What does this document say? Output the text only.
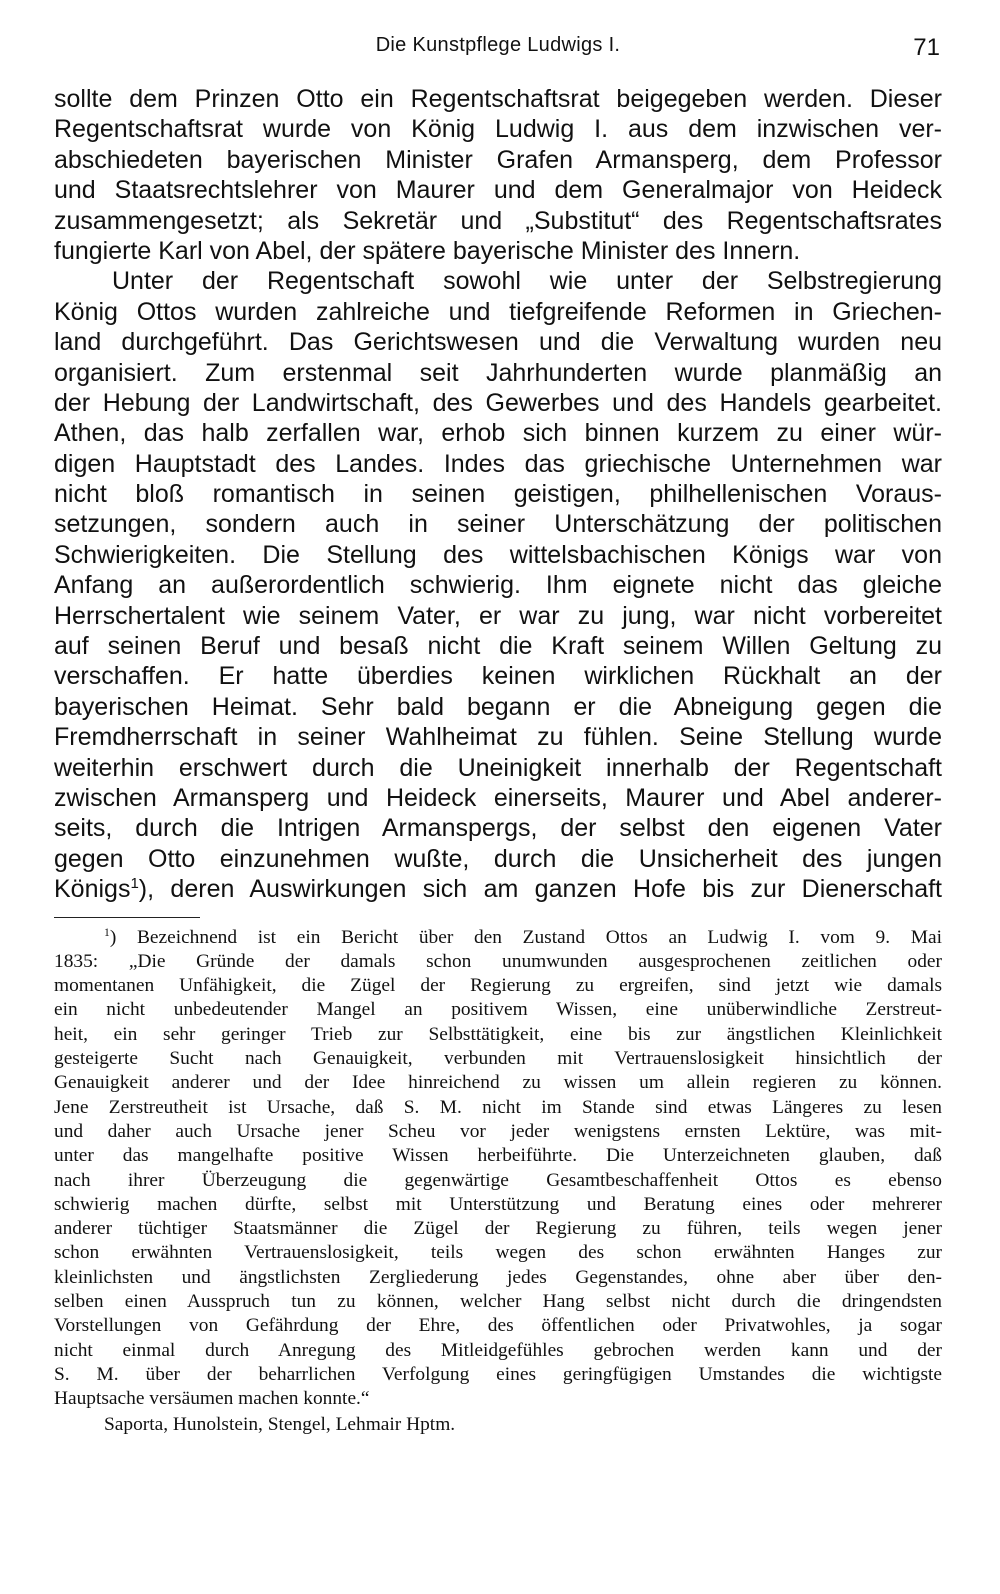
Die Kunstpflege Ludwigs I.	71
sollte dem Prinzen Otto ein Regentschaftsrat beigegeben werden. Dieser
Regentschaftsrat wurde von König Ludwig I. aus dem inzwischen ver-
abschiedeten bayerischen Minister Grafen Armansperg, dem Professor
und Staatsrechtslehrer von Maurer und dem Generalmajor von Heideck
zusammengesetzt; als Sekretär und „Substitut“ des Regentschaftsrates
fungierte Karl von Abel, der spätere bayerische Minister des Innern.
Unter der Regentschaft sowohl wie unter der Selbstregierung
König Ottos wurden zahlreiche und tiefgreifende Reformen in Griechen-
land durchgeführt. Das Gerichtswesen und die Verwaltung wurden neu
organisiert. Zum erstenmal seit Jahrhunderten wurde planmäßig an
der Hebung der Landwirtschaft, des Gewerbes und des Handels gearbeitet.
Athen, das halb zerfallen war, erhob sich binnen kurzem zu einer wür-
digen Hauptstadt des Landes. Indes das griechische Unternehmen war
nicht bloß romantisch in seinen geistigen, philhellenischen Voraus-
setzungen, sondern auch in seiner Unterschätzung der politischen
Schwierigkeiten. Die Stellung des wittelsbachischen Königs war von
Anfang an außerordentlich schwierig. Ihm eignete nicht das gleiche
Herrschertalent wie seinem Vater, er war zu jung, war nicht vorbereitet
auf seinen Beruf und besaß nicht die Kraft seinem Willen Geltung zu
verschaffen. Er hatte überdies keinen wirklichen Rückhalt an der
bayerischen Heimat. Sehr bald begann er die Abneigung gegen die
Fremdherrschaft in seiner Wahlheimat zu fühlen. Seine Stellung wurde
weiterhin erschwert durch die Uneinigkeit innerhalb der Regentschaft
zwischen Armansperg und Heideck einerseits, Maurer und Abel anderer-
seits, durch die Intrigen Armanspergs, der selbst den eigenen Vater
gegen Otto einzunehmen wußte, durch die Unsicherheit des jungen
Königs$^1$), deren Auswirkungen sich am ganzen Hofe bis zur Dienerschaft
$^1$) Bezeichnend ist ein Bericht über den Zustand Ottos an Ludwig I. vom 9. Mai
1835: „Die Gründe der damals schon unumwunden ausgesprochenen zeitlichen oder
momentanen Unfähigkeit, die Zügel der Regierung zu ergreifen, sind jetzt wie damals
ein nicht unbedeutender Mangel an positivem Wissen, eine unüberwindliche Zerstreut-
heit, ein sehr geringer Trieb zur Selbsttätigkeit, eine bis zur ängstlichen Kleinlichkeit
gesteigerte Sucht nach Genauigkeit, verbunden mit Vertrauenslosigkeit hinsichtlich der
Genauigkeit anderer und der Idee hinreichend zu wissen um allein regieren zu können.
Jene Zerstreutheit ist Ursache, daß S. M. nicht im Stande sind etwas Längeres zu lesen
und daher auch Ursache jener Scheu vor jeder wenigstens ernsten Lektüre, was mit-
unter das mangelhafte positive Wissen herbeiführte. Die Unterzeichneten glauben, daß
nach ihrer Überzeugung die gegenwärtige Gesamtbeschaffenheit Ottos es ebenso
schwierig machen dürfte, selbst mit Unterstützung und Beratung eines oder mehrerer
anderer tüchtiger Staatsmänner die Zügel der Regierung zu führen, teils wegen jener
schon erwähnten Vertrauenslosigkeit, teils wegen des schon erwähnten Hanges zur
kleinlichsten und ängstlichsten Zergliederung jedes Gegenstandes, ohne aber über den-
selben einen Ausspruch tun zu können, welcher Hang selbst nicht durch die dringendsten
Vorstellungen von Gefährdung der Ehre, des öffentlichen oder Privatwohles, ja sogar
nicht einmal durch Anregung des Mitleidgefühles gebrochen werden kann und der
S. M. über der beharrlichen Verfolgung eines geringfügigen Umstandes die wichtigste
Hauptsache versäumen machen konnte.“
Saporta, Hunolstein, Stengel, Lehmair Hptm.
